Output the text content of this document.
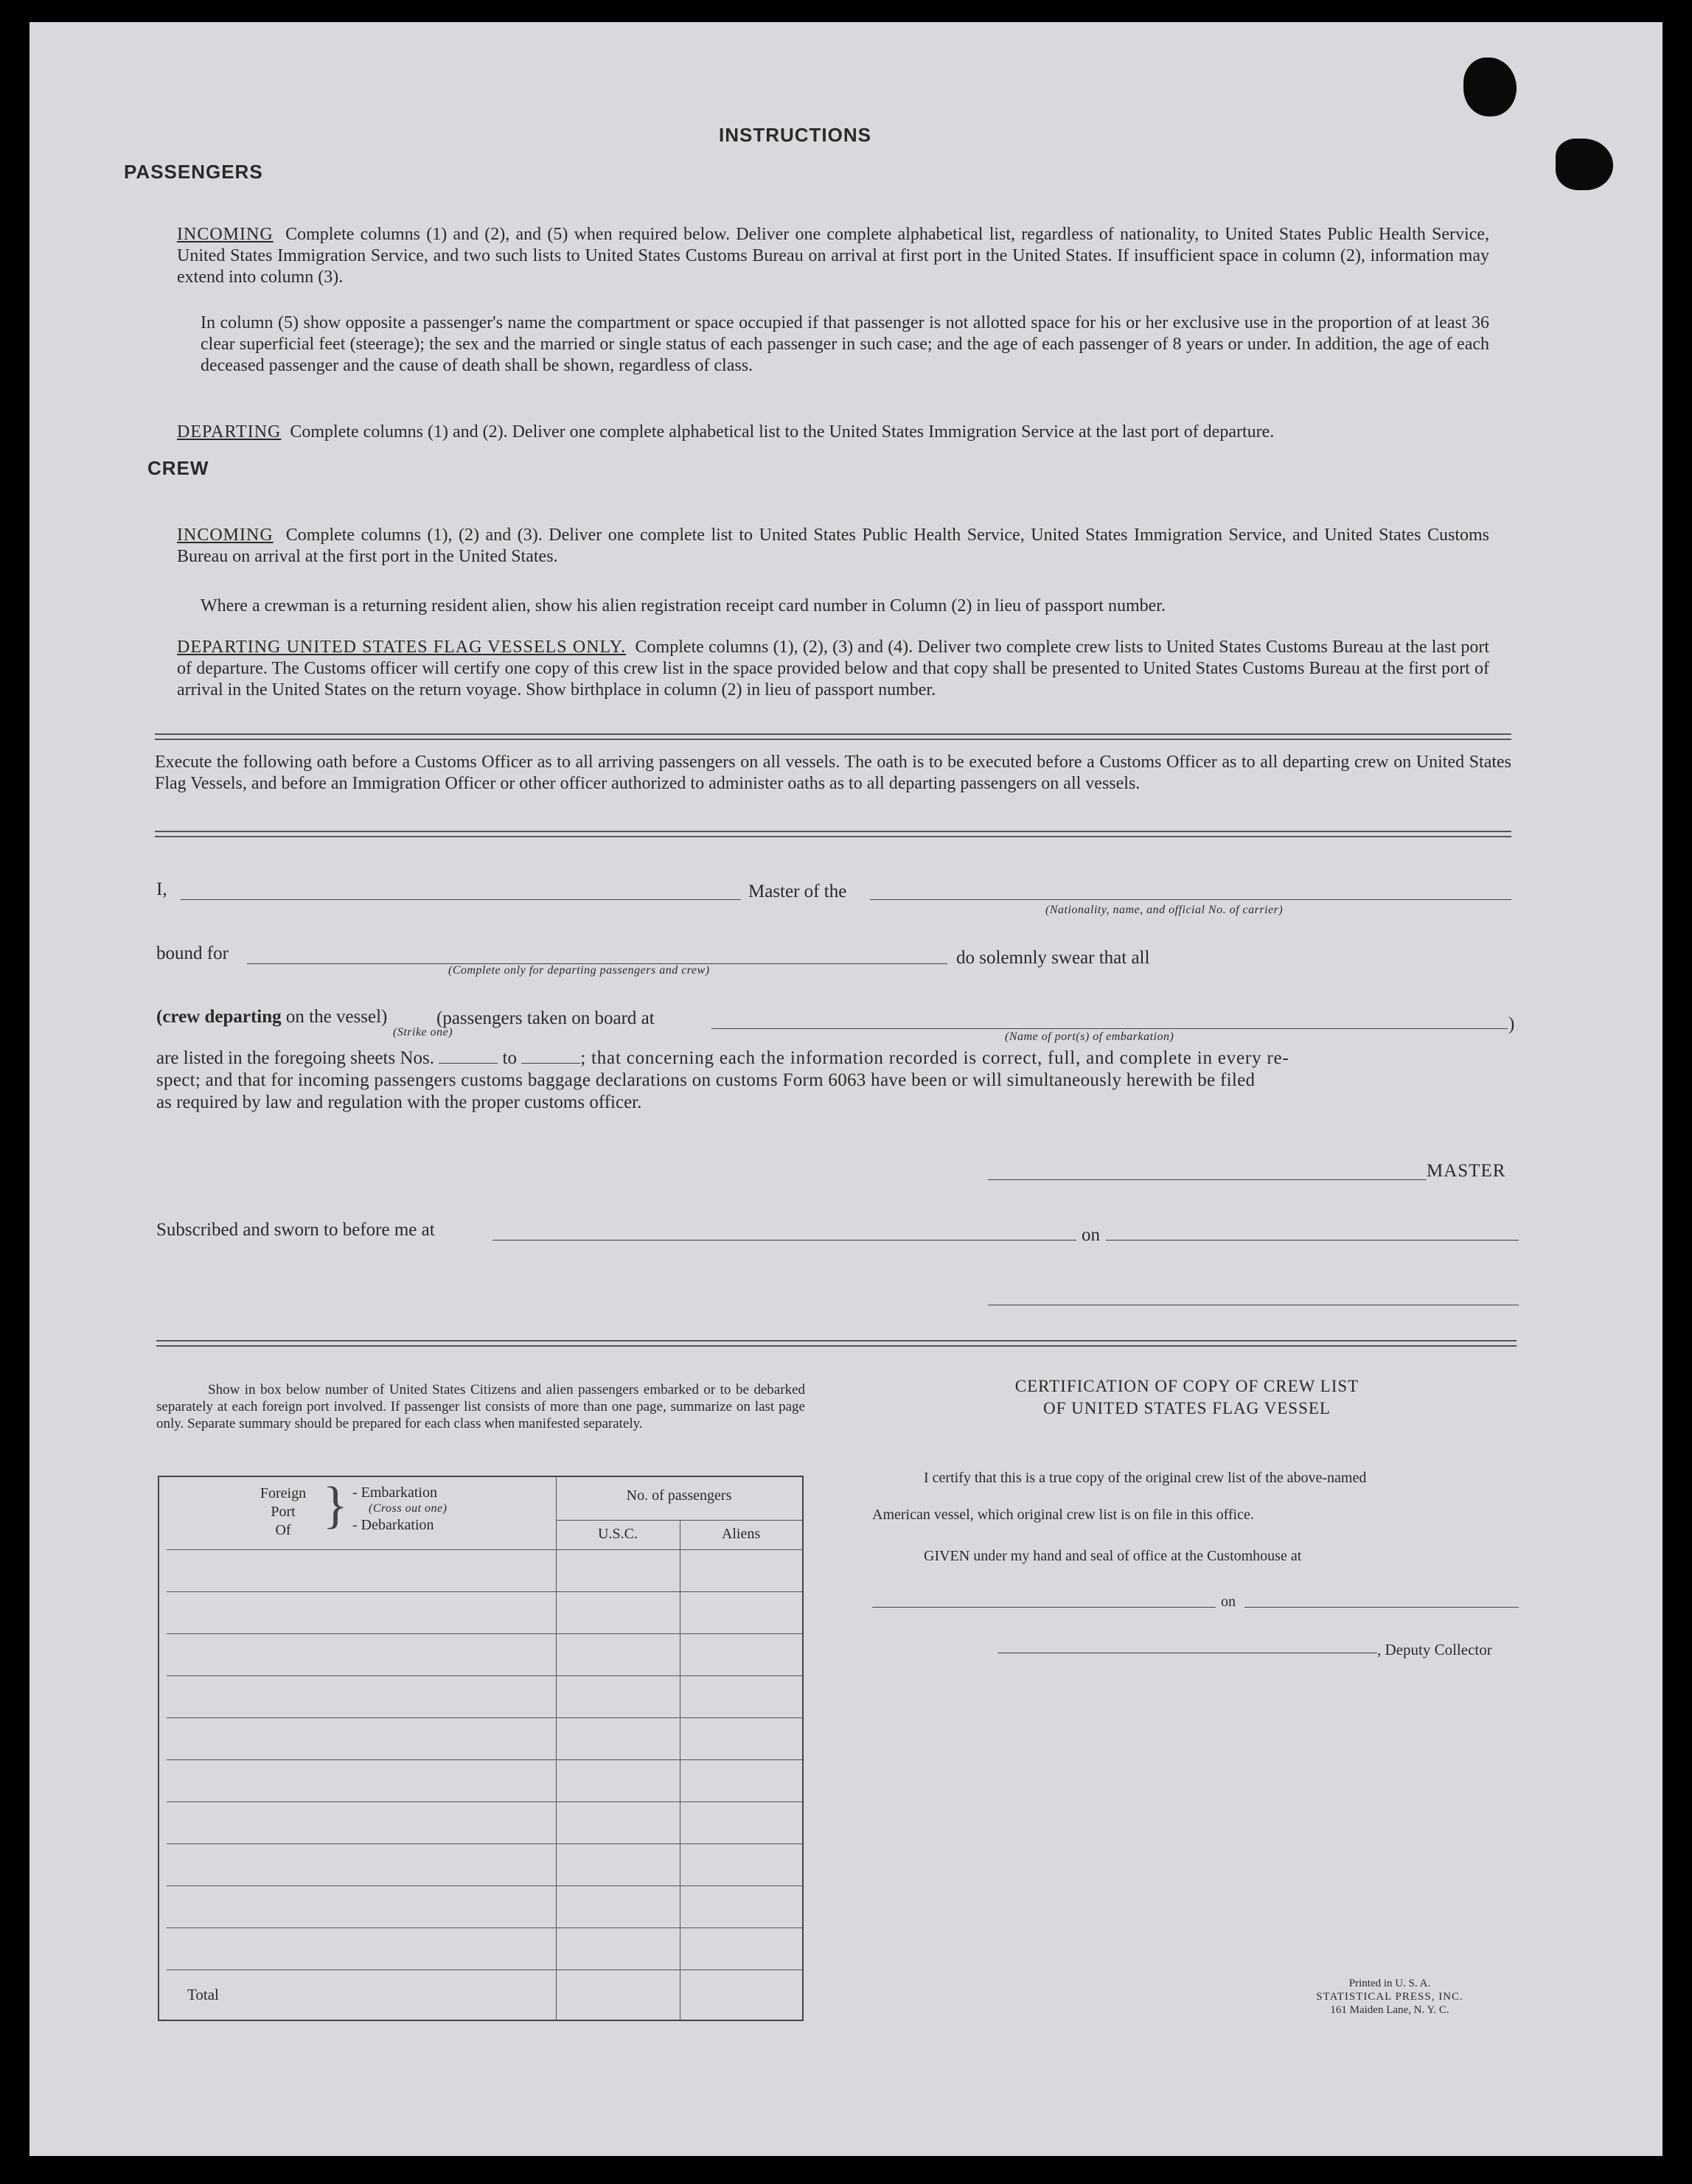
INSTRUCTIONS
PASSENGERS
INCOMING Complete columns (1) and (2), and (5) when required below. Deliver one complete alphabetical list, regardless of nationality, to United States Public Health Service, United States Immigration Service, and two such lists to United States Customs Bureau on arrival at first port in the United States. If insufficient space in column (2), information may extend into column (3).
In column (5) show opposite a passenger's name the compartment or space occupied if that passenger is not allotted space for his or her exclusive use in the proportion of at least 36 clear superficial feet (steerage); the sex and the married or single status of each passenger in such case; and the age of each passenger of 8 years or under. In addition, the age of each deceased passenger and the cause of death shall be shown, regardless of class.
DEPARTING Complete columns (1) and (2). Deliver one complete alphabetical list to the United States Immigration Service at the last port of departure.
CREW
INCOMING Complete columns (1), (2) and (3). Deliver one complete list to United States Public Health Service, United States Immigration Service, and United States Customs Bureau on arrival at the first port in the United States.
Where a crewman is a returning resident alien, show his alien registration receipt card number in Column (2) in lieu of passport number.
DEPARTING UNITED STATES FLAG VESSELS ONLY. Complete columns (1), (2), (3) and (4). Deliver two complete crew lists to United States Customs Bureau at the last port of departure. The Customs officer will certify one copy of this crew list in the space provided below and that copy shall be presented to United States Customs Bureau at the first port of arrival in the United States on the return voyage. Show birthplace in column (2) in lieu of passport number.
Execute the following oath before a Customs Officer as to all arriving passengers on all vessels. The oath is to be executed before a Customs Officer as to all departing crew on United States Flag Vessels, and before an Immigration Officer or other officer authorized to administer oaths as to all departing passengers on all vessels.
I,	Master of the
(Nationality, name, and official No. of carrier)
bound for
(Complete only for departing passengers and crew)
do solemnly swear that all
(crew departing on the vessel)
(Strike one)
(passengers taken on board at
(Name of port(s) of embarkation)
)
are listed in the foregoing sheets Nos.	to	; that concerning each the information recorded is correct, full, and complete in every re-
spect; and that for incoming passengers customs baggage declarations on customs Form 6063 have been or will simultaneously herewith be filed
as required by law and regulation with the proper customs officer.
MASTER
Subscribed and sworn to before me at	on
Show in box below number of United States Citizens and alien passengers embarked or to be debarked separately at each foreign port involved. If passenger list consists of more than one page, summarize on last page only. Separate summary should be prepared for each class when manifested separately.
Foreign
Port
Of } - Embarkation
(Cross out one)
- Debarkation
No. of passengers
U.S.C.	Aliens
Total
CERTIFICATION OF COPY OF CREW LIST
OF UNITED STATES FLAG VESSEL
I certify that this is a true copy of the original crew list of the above-named
American vessel, which original crew list is on file in this office.
GIVEN under my hand and seal of office at the Customhouse at
on
, Deputy Collector
Printed in U. S. A.
STATISTICAL PRESS, INC.
161 Maiden Lane, N. Y. C.
